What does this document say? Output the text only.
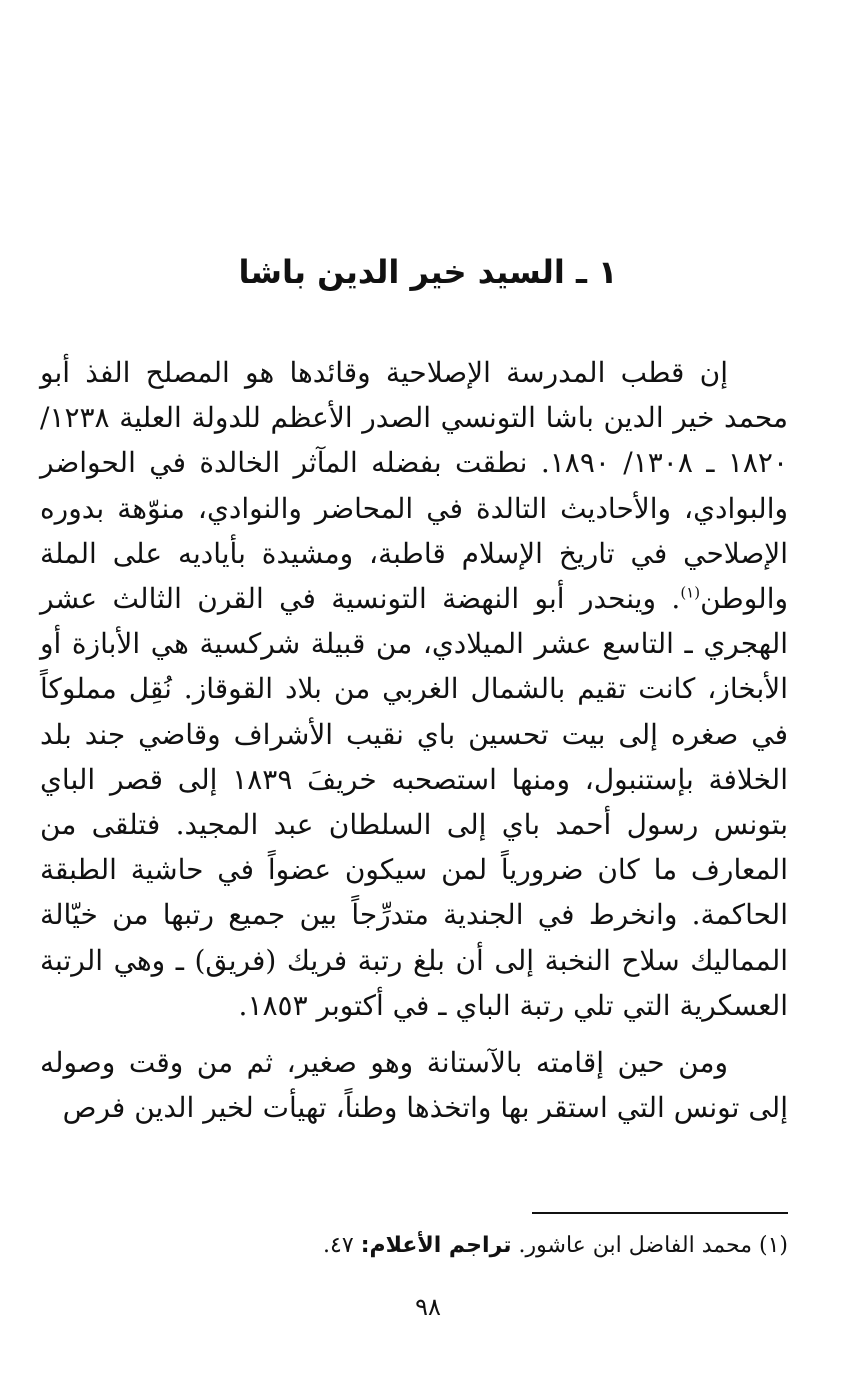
١ ـ السيد خير الدين باشا

إن قطب المدرسة الإصلاحية وقائدها هو المصلح الفذ أبو محمد خير الدين باشا التونسي الصدر الأعظم للدولة العلية ١٢٣٨/ ١٨٢٠ ـ ١٣٠٨/ ١٨٩٠. نطقت بفضله المآثر الخالدة في الحواضر والبوادي، والأحاديث التالدة في المحاضر والنوادي، منوّهة بدوره الإصلاحي في تاريخ الإسلام قاطبة، ومشيدة بأياديه على الملة والوطن$^{(١)}$. وينحدر أبو النهضة التونسية في القرن الثالث عشر الهجري ـ التاسع عشر الميلادي، من قبيلة شركسية هي الأبازة أو الأبخاز، كانت تقيم بالشمال الغربي من بلاد القوقاز. نُقِل مملوكاً في صغره إلى بيت تحسين باي نقيب الأشراف وقاضي جند بلد الخلافة بإستنبول، ومنها استصحبه خريفَ ١٨٣٩ إلى قصر الباي بتونس رسول أحمد باي إلى السلطان عبد المجيد. فتلقى من المعارف ما كان ضرورياً لمن سيكون عضواً في حاشية الطبقة الحاكمة. وانخرط في الجندية متدرِّجاً بين جميع رتبها من خيّالة المماليك سلاح النخبة إلى أن بلغ رتبة فريك (فريق) ـ وهي الرتبة العسكرية التي تلي رتبة الباي ـ في أكتوبر ١٨٥٣.

ومن حين إقامته بالآستانة وهو صغير، ثم من وقت وصوله إلى تونس التي استقر بها واتخذها وطناً، تهيأت لخير الدين فرص

(١) محمد الفاضل ابن عاشور. تراجم الأعلام: ٤٧.
٩٨
